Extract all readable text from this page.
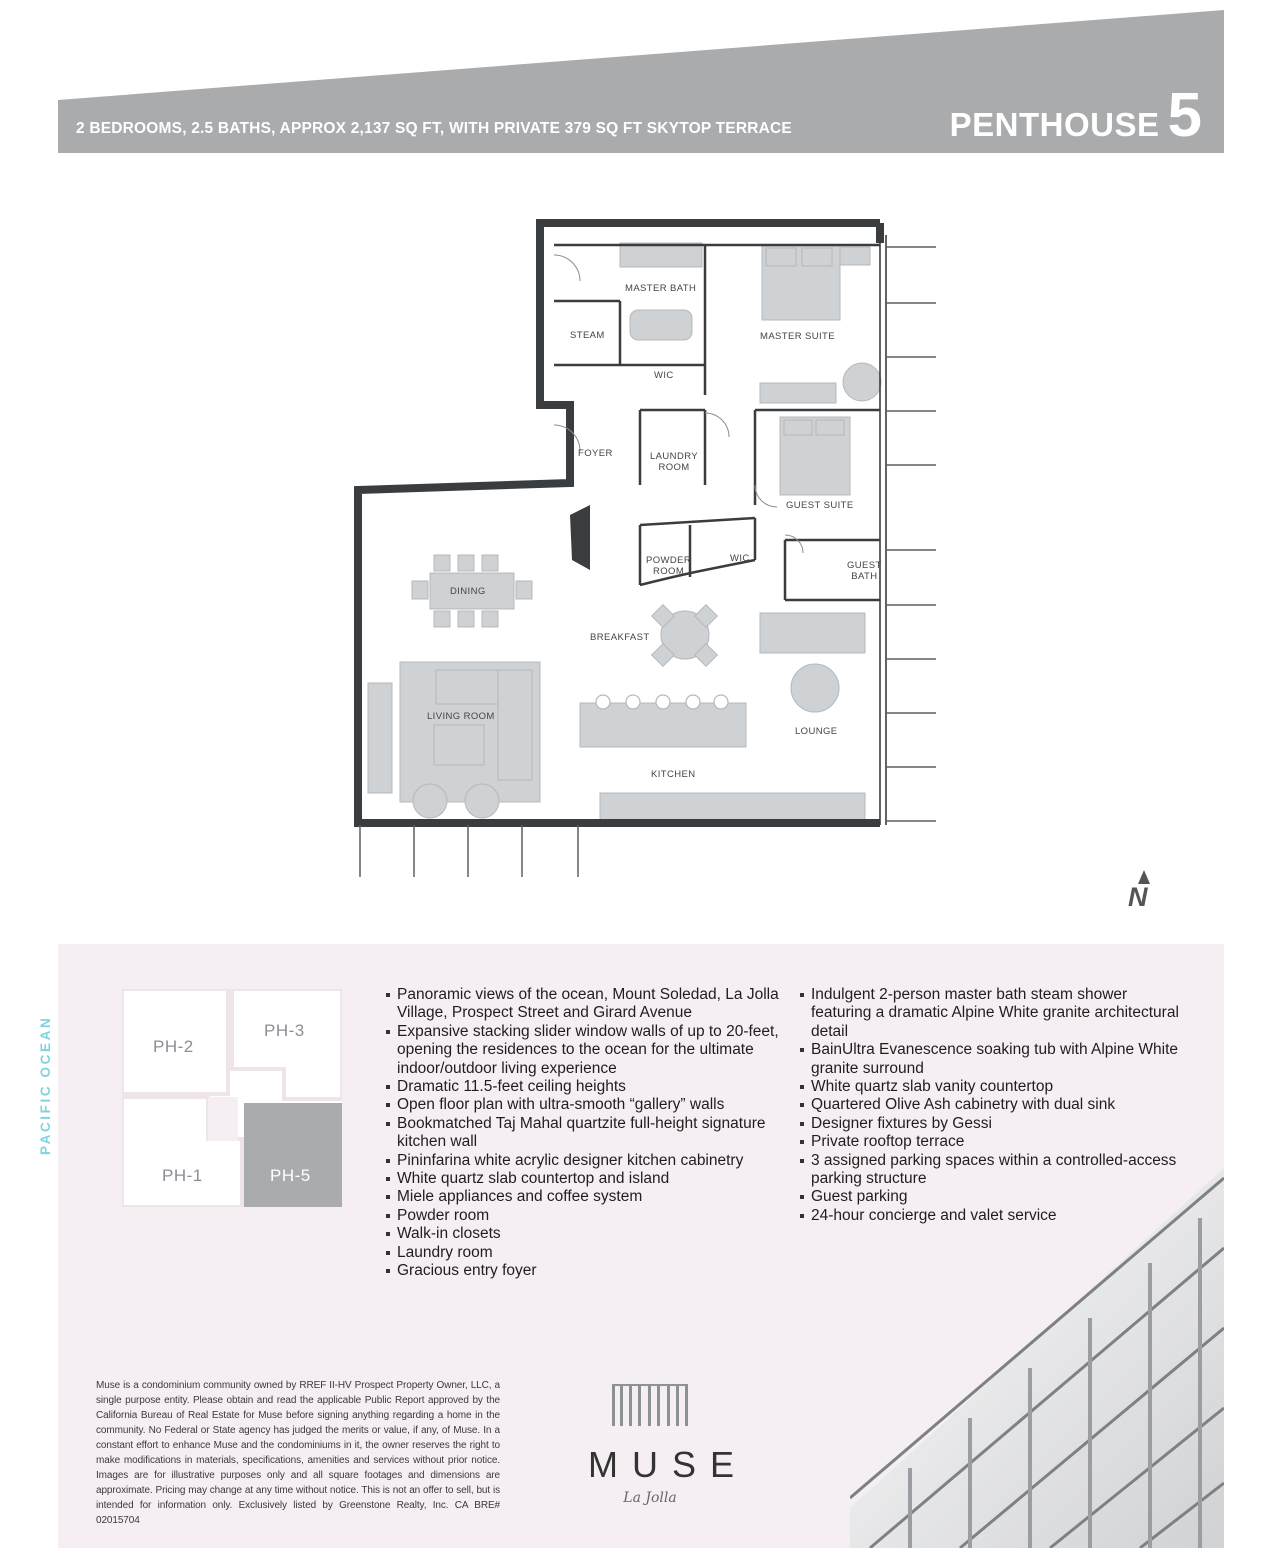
2 BEDROOMS, 2.5 BATHS, APPROX 2,137 SQ FT, WITH PRIVATE 379 SQ FT SKYTOP TERRACE	PENTHOUSE 5
MASTER BATH
STEAM	MASTER SUITE
WIC
FOYER	LAUNDRY
ROOM
GUEST SUITE
POWDER
ROOM
WIC
GUEST
BATH
DINING
BREAKFAST
LIVING ROOM
LOUNGE
KITCHEN
N
PACIFIC OCEAN	PH-2
PH-3
PH-1	PH-5
Panoramic views of the ocean, Mount Soledad, La Jolla Village, Prospect Street and Girard Avenue
Expansive stacking slider window walls of up to 20-feet, opening the residences to the ocean for the ultimate indoor/outdoor living experience
Dramatic 11.5-feet ceiling heights
Open floor plan with ultra-smooth “gallery” walls
Bookmatched Taj Mahal quartzite full-height signature kitchen wall
Pininfarina white acrylic designer kitchen cabinetry
White quartz slab countertop and island
Miele appliances and coffee system
Powder room
Walk-in closets
Laundry room
Gracious entry foyer
Indulgent 2-person master bath steam shower featuring a dramatic Alpine White granite architectural detail
BainUltra Evanescence soaking tub with Alpine White granite surround
White quartz slab vanity countertop
Quartered Olive Ash cabinetry with dual sink
Designer fixtures by Gessi
Private rooftop terrace
3 assigned parking spaces within a controlled-access parking structure
Guest parking
24-hour concierge and valet service
Muse is a condominium community owned by RREF II-HV Prospect Property Owner, LLC, a single purpose entity. Please obtain and read the applicable Public Report approved by the California Bureau of Real Estate for Muse before signing anything regarding a home in the community. No Federal or State agency has judged the merits or value, if any, of Muse. In a constant effort to enhance Muse and the condominiums in it, the owner reserves the right to make modifications in materials, specifications, amenities and services without prior notice. Images are for illustrative purposes only and all square footages and dimensions are approximate. Pricing may change at any time without notice. This is not an offer to sell, but is intended for information only. Exclusively listed by Greenstone Realty, Inc. CA BRE# 02015704
MUSE
La Jolla
